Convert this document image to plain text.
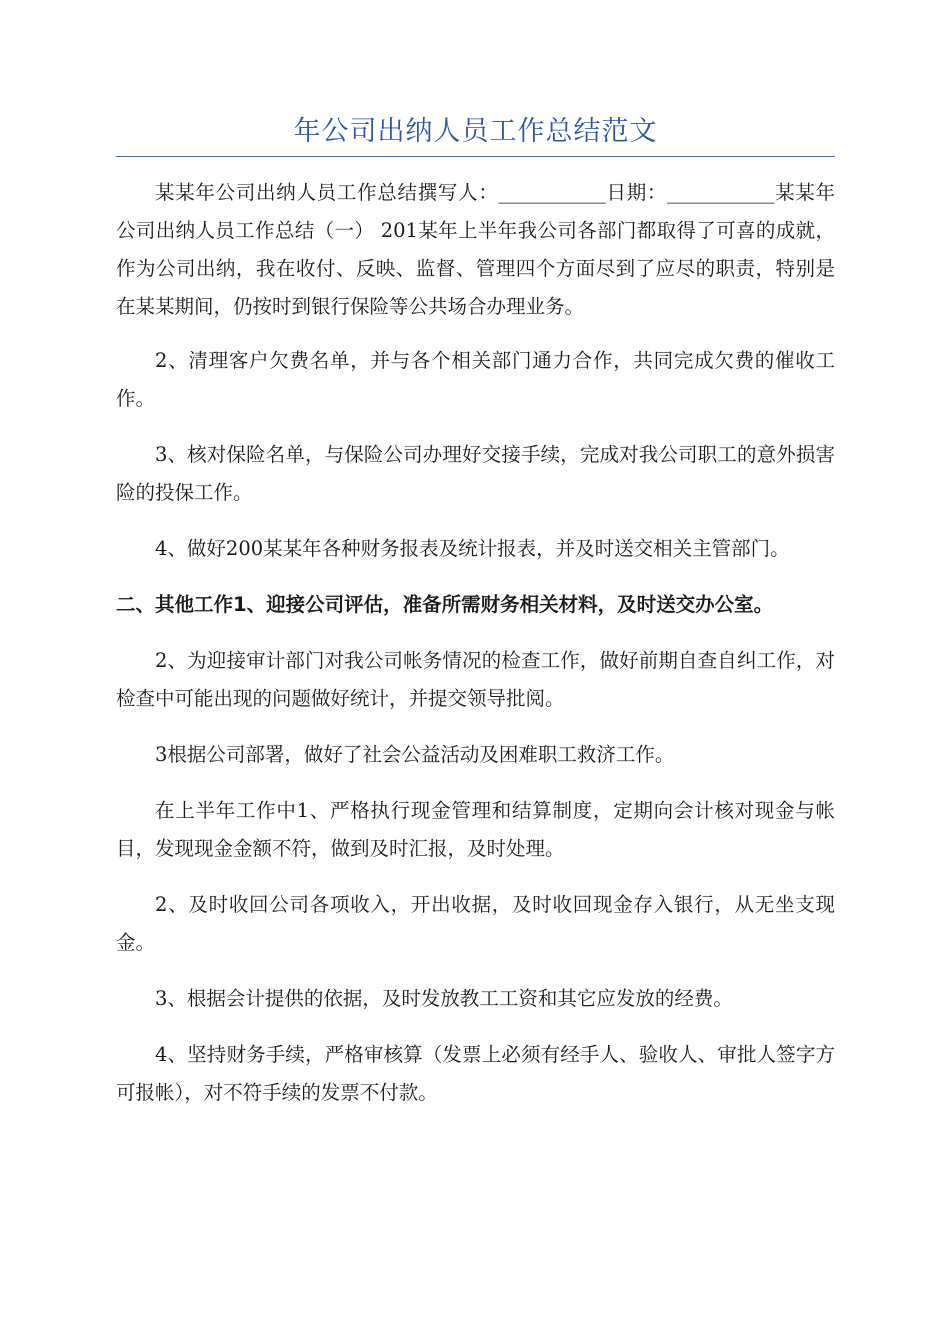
年公司出纳人员工作总结范文

某某年公司出纳人员工作总结撰写人：___________日期：___________某某年公司出纳人员工作总结（一） 201某年上半年我公司各部门都取得了可喜的成就，作为公司出纳，我在收付、反映、监督、管理四个方面尽到了应尽的职责，特别是在某某期间，仍按时到银行保险等公共场合办理业务。

2、清理客户欠费名单，并与各个相关部门通力合作，共同完成欠费的催收工作。

3、核对保险名单，与保险公司办理好交接手续，完成对我公司职工的意外损害险的投保工作。

4、做好200某某年各种财务报表及统计报表，并及时送交相关主管部门。

二、其他工作1、迎接公司评估，准备所需财务相关材料，及时送交办公室。

2、为迎接审计部门对我公司帐务情况的检查工作，做好前期自查自纠工作，对检查中可能出现的问题做好统计，并提交领导批阅。

3根据公司部署，做好了社会公益活动及困难职工救济工作。

在上半年工作中1、严格执行现金管理和结算制度，定期向会计核对现金与帐目，发现现金金额不符，做到及时汇报，及时处理。

2、及时收回公司各项收入，开出收据，及时收回现金存入银行，从无坐支现金。

3、根据会计提供的依据，及时发放教工工资和其它应发放的经费。

4、坚持财务手续，严格审核算（发票上必须有经手人、验收人、审批人签字方可报帐），对不符手续的发票不付款。
